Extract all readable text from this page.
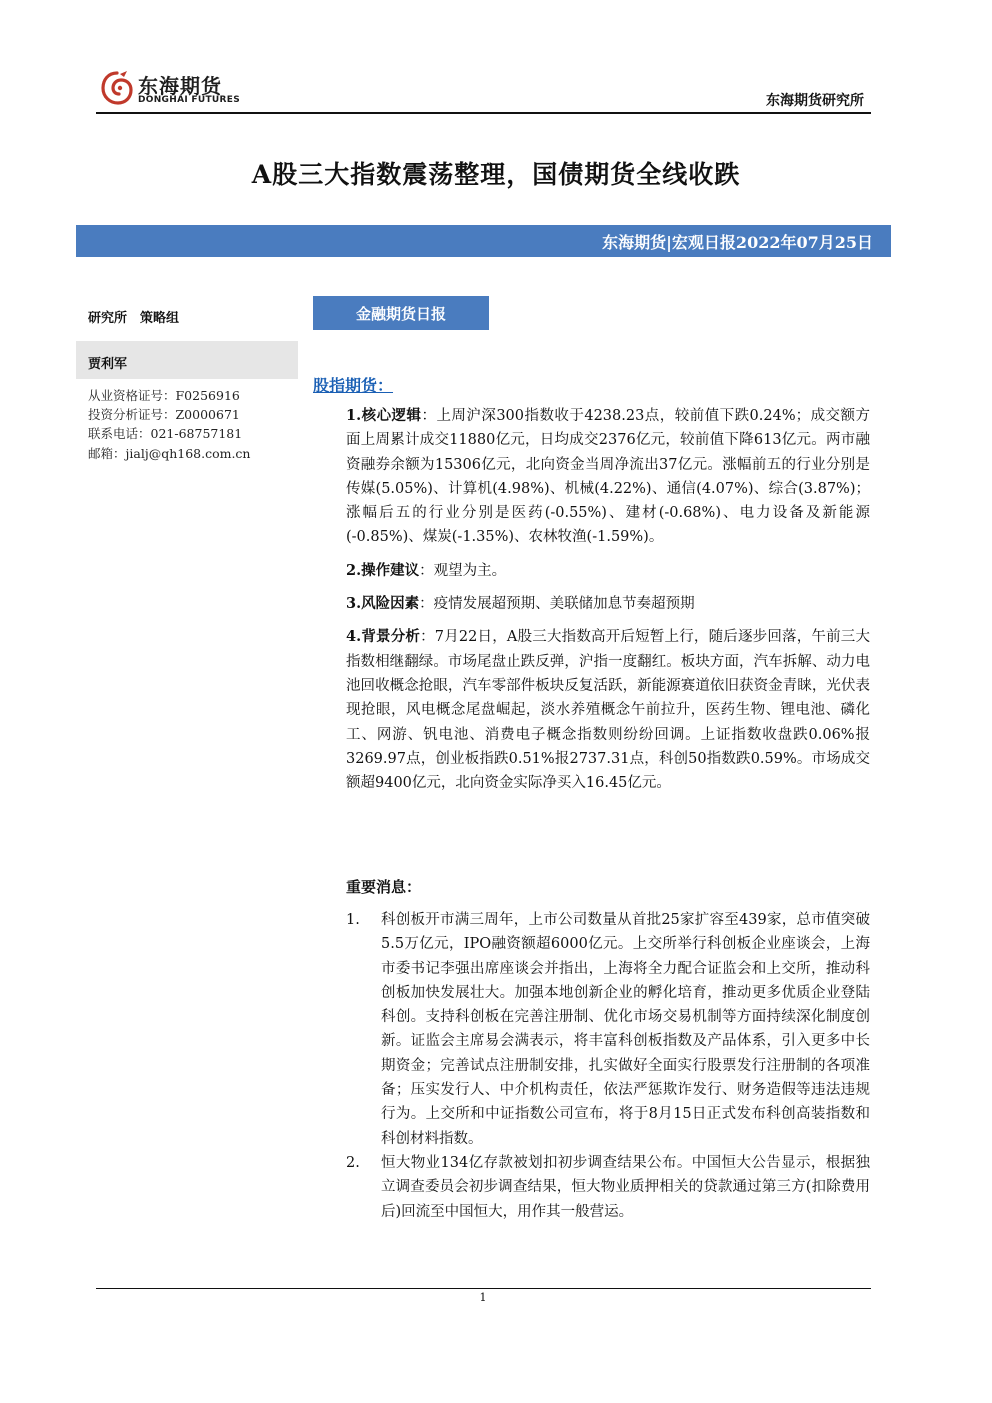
东海期货
DONGHAI FUTURES	东海期货研究所
A股三大指数震荡整理，国债期货全线收跌
东海期货|宏观日报2022年07月25日
研究所　策略组
贾利军
从业资格证号：F0256916
投资分析证号：Z0000671
联系电话：021-68757181
邮箱：jialj@qh168.com.cn
金融期货日报
股指期货：

1.核心逻辑：上周沪深300指数收于4238.23点，较前值下跌0.24%；成交额方面上周累计成交11880亿元，日均成交2376亿元，较前值下降613亿元。两市融资融券余额为15306亿元，北向资金当周净流出37亿元。涨幅前五的行业分别是传媒(5.05%)、计算机(4.98%)、机械(4.22%)、通信(4.07%)、综合(3.87%)；涨幅后五的行业分别是医药(-0.55%)、建材(-0.68%)、电力设备及新能源(-0.85%)、煤炭(-1.35%)、农林牧渔(-1.59%)。

2.操作建议：观望为主。

3.风险因素：疫情发展超预期、美联储加息节奏超预期

4.背景分析：7月22日，A股三大指数高开后短暂上行，随后逐步回落，午前三大指数相继翻绿。市场尾盘止跌反弹，沪指一度翻红。板块方面，汽车拆解、动力电池回收概念抢眼，汽车零部件板块反复活跃，新能源赛道依旧获资金青睐，光伏表现抢眼，风电概念尾盘崛起，淡水养殖概念午前拉升，医药生物、锂电池、磷化工、网游、钒电池、消费电子概念指数则纷纷回调。上证指数收盘跌0.06%报3269.97点，创业板指跌0.51%报2737.31点，科创50指数跌0.59%。市场成交额超9400亿元，北向资金实际净买入16.45亿元。

重要消息：
1. 科创板开市满三周年，上市公司数量从首批25家扩容至439家，总市值突破5.5万亿元，IPO融资额超6000亿元。上交所举行科创板企业座谈会，上海市委书记李强出席座谈会并指出，上海将全力配合证监会和上交所，推动科创板加快发展壮大。加强本地创新企业的孵化培育，推动更多优质企业登陆科创。支持科创板在完善注册制、优化市场交易机制等方面持续深化制度创新。证监会主席易会满表示，将丰富科创板指数及产品体系，引入更多中长期资金；完善试点注册制安排，扎实做好全面实行股票发行注册制的各项准备；压实发行人、中介机构责任，依法严惩欺诈发行、财务造假等违法违规行为。上交所和中证指数公司宣布，将于8月15日正式发布科创高装指数和科创材料指数。
2. 恒大物业134亿存款被划扣初步调查结果公布。中国恒大公告显示，根据独立调查委员会初步调查结果，恒大物业质押相关的贷款通过第三方(扣除费用后)回流至中国恒大，用作其一般营运。
1
